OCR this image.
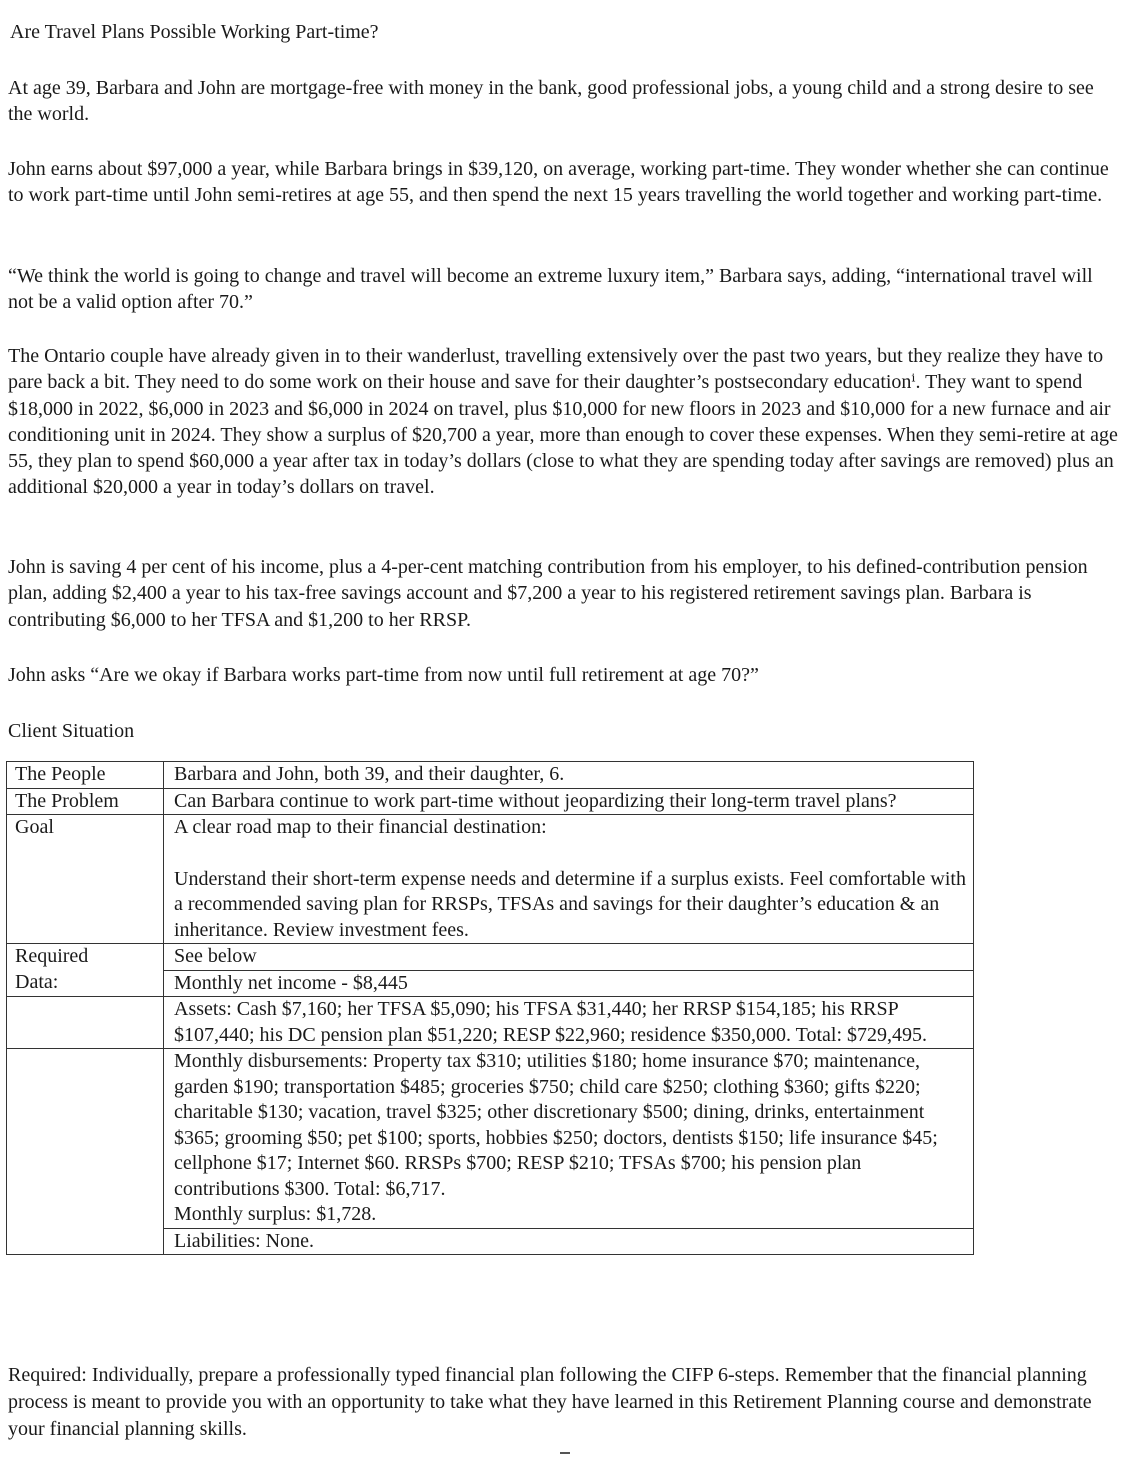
Are Travel Plans Possible Working Part-time?

At age 39, Barbara and John are mortgage-free with money in the bank, good professional jobs, a young child and a strong desire to see the world.

John earns about $97,000 a year, while Barbara brings in $39,120, on average, working part-time. They wonder whether she can continue to work part-time until John semi-retires at age 55, and then spend the next 15 years travelling the world together and working part-time.

“We think the world is going to change and travel will become an extreme luxury item,” Barbara says, adding, “international travel will not be a valid option after 70.”

The Ontario couple have already given in to their wanderlust, travelling extensively over the past two years, but they realize they have to pare back a bit. They need to do some work on their house and save for their daughter’s postsecondary educationⁱ. They want to spend $18,000 in 2022, $6,000 in 2023 and $6,000 in 2024 on travel, plus $10,000 for new floors in 2023 and $10,000 for a new furnace and air conditioning unit in 2024. They show a surplus of $20,700 a year, more than enough to cover these expenses. When they semi-retire at age 55, they plan to spend $60,000 a year after tax in today’s dollars (close to what they are spending today after savings are removed) plus an additional $20,000 a year in today’s dollars on travel.

John is saving 4 per cent of his income, plus a 4-per-cent matching contribution from his employer, to his defined-contribution pension plan, adding $2,400 a year to his tax-free savings account and $7,200 a year to his registered retirement savings plan. Barbara is contributing $6,000 to her TFSA and $1,200 to her RRSP.

John asks “Are we okay if Barbara works part-time from now until full retirement at age 70?”

Client Situation
The People	Barbara and John, both 39, and their daughter, 6.
The Problem	Can Barbara continue to work part-time without jeopardizing their long-term travel plans?
Goal	A clear road map to their financial destination:
Understand their short-term expense needs and determine if a surplus exists. Feel comfortable with a recommended saving plan for RRSPs, TFSAs and savings for their daughter’s education & an inheritance. Review investment fees.

Required
Data:	See below
	Monthly net income - $8,445
	Assets: Cash $7,160; her TFSA $5,090; his TFSA $31,440; her RRSP $154,185; his RRSP $107,440; his DC pension plan $51,220; RESP $22,960; residence $350,000. Total: $729,495.

	Monthly disbursements: Property tax $310; utilities $180; home insurance $70; maintenance, garden $190; transportation $485; groceries $750; child care $250; clothing $360; gifts $220; charitable $130; vacation, travel $325; other discretionary $500; dining, drinks, entertainment $365; grooming $50; pet $100; sports, hobbies $250; doctors, dentists $150; life insurance $45; cellphone $17; Internet $60. RRSPs $700; RESP $210; TFSAs $700; his pension plan contributions $300. Total: $6,717.
Monthly surplus: $1,728.

	Liabilities: None.

Required: Individually, prepare a professionally typed financial plan following the CIFP 6-steps. Remember that the financial planning process is meant to provide you with an opportunity to take what they have learned in this Retirement Planning course and demonstrate your financial planning skills.
